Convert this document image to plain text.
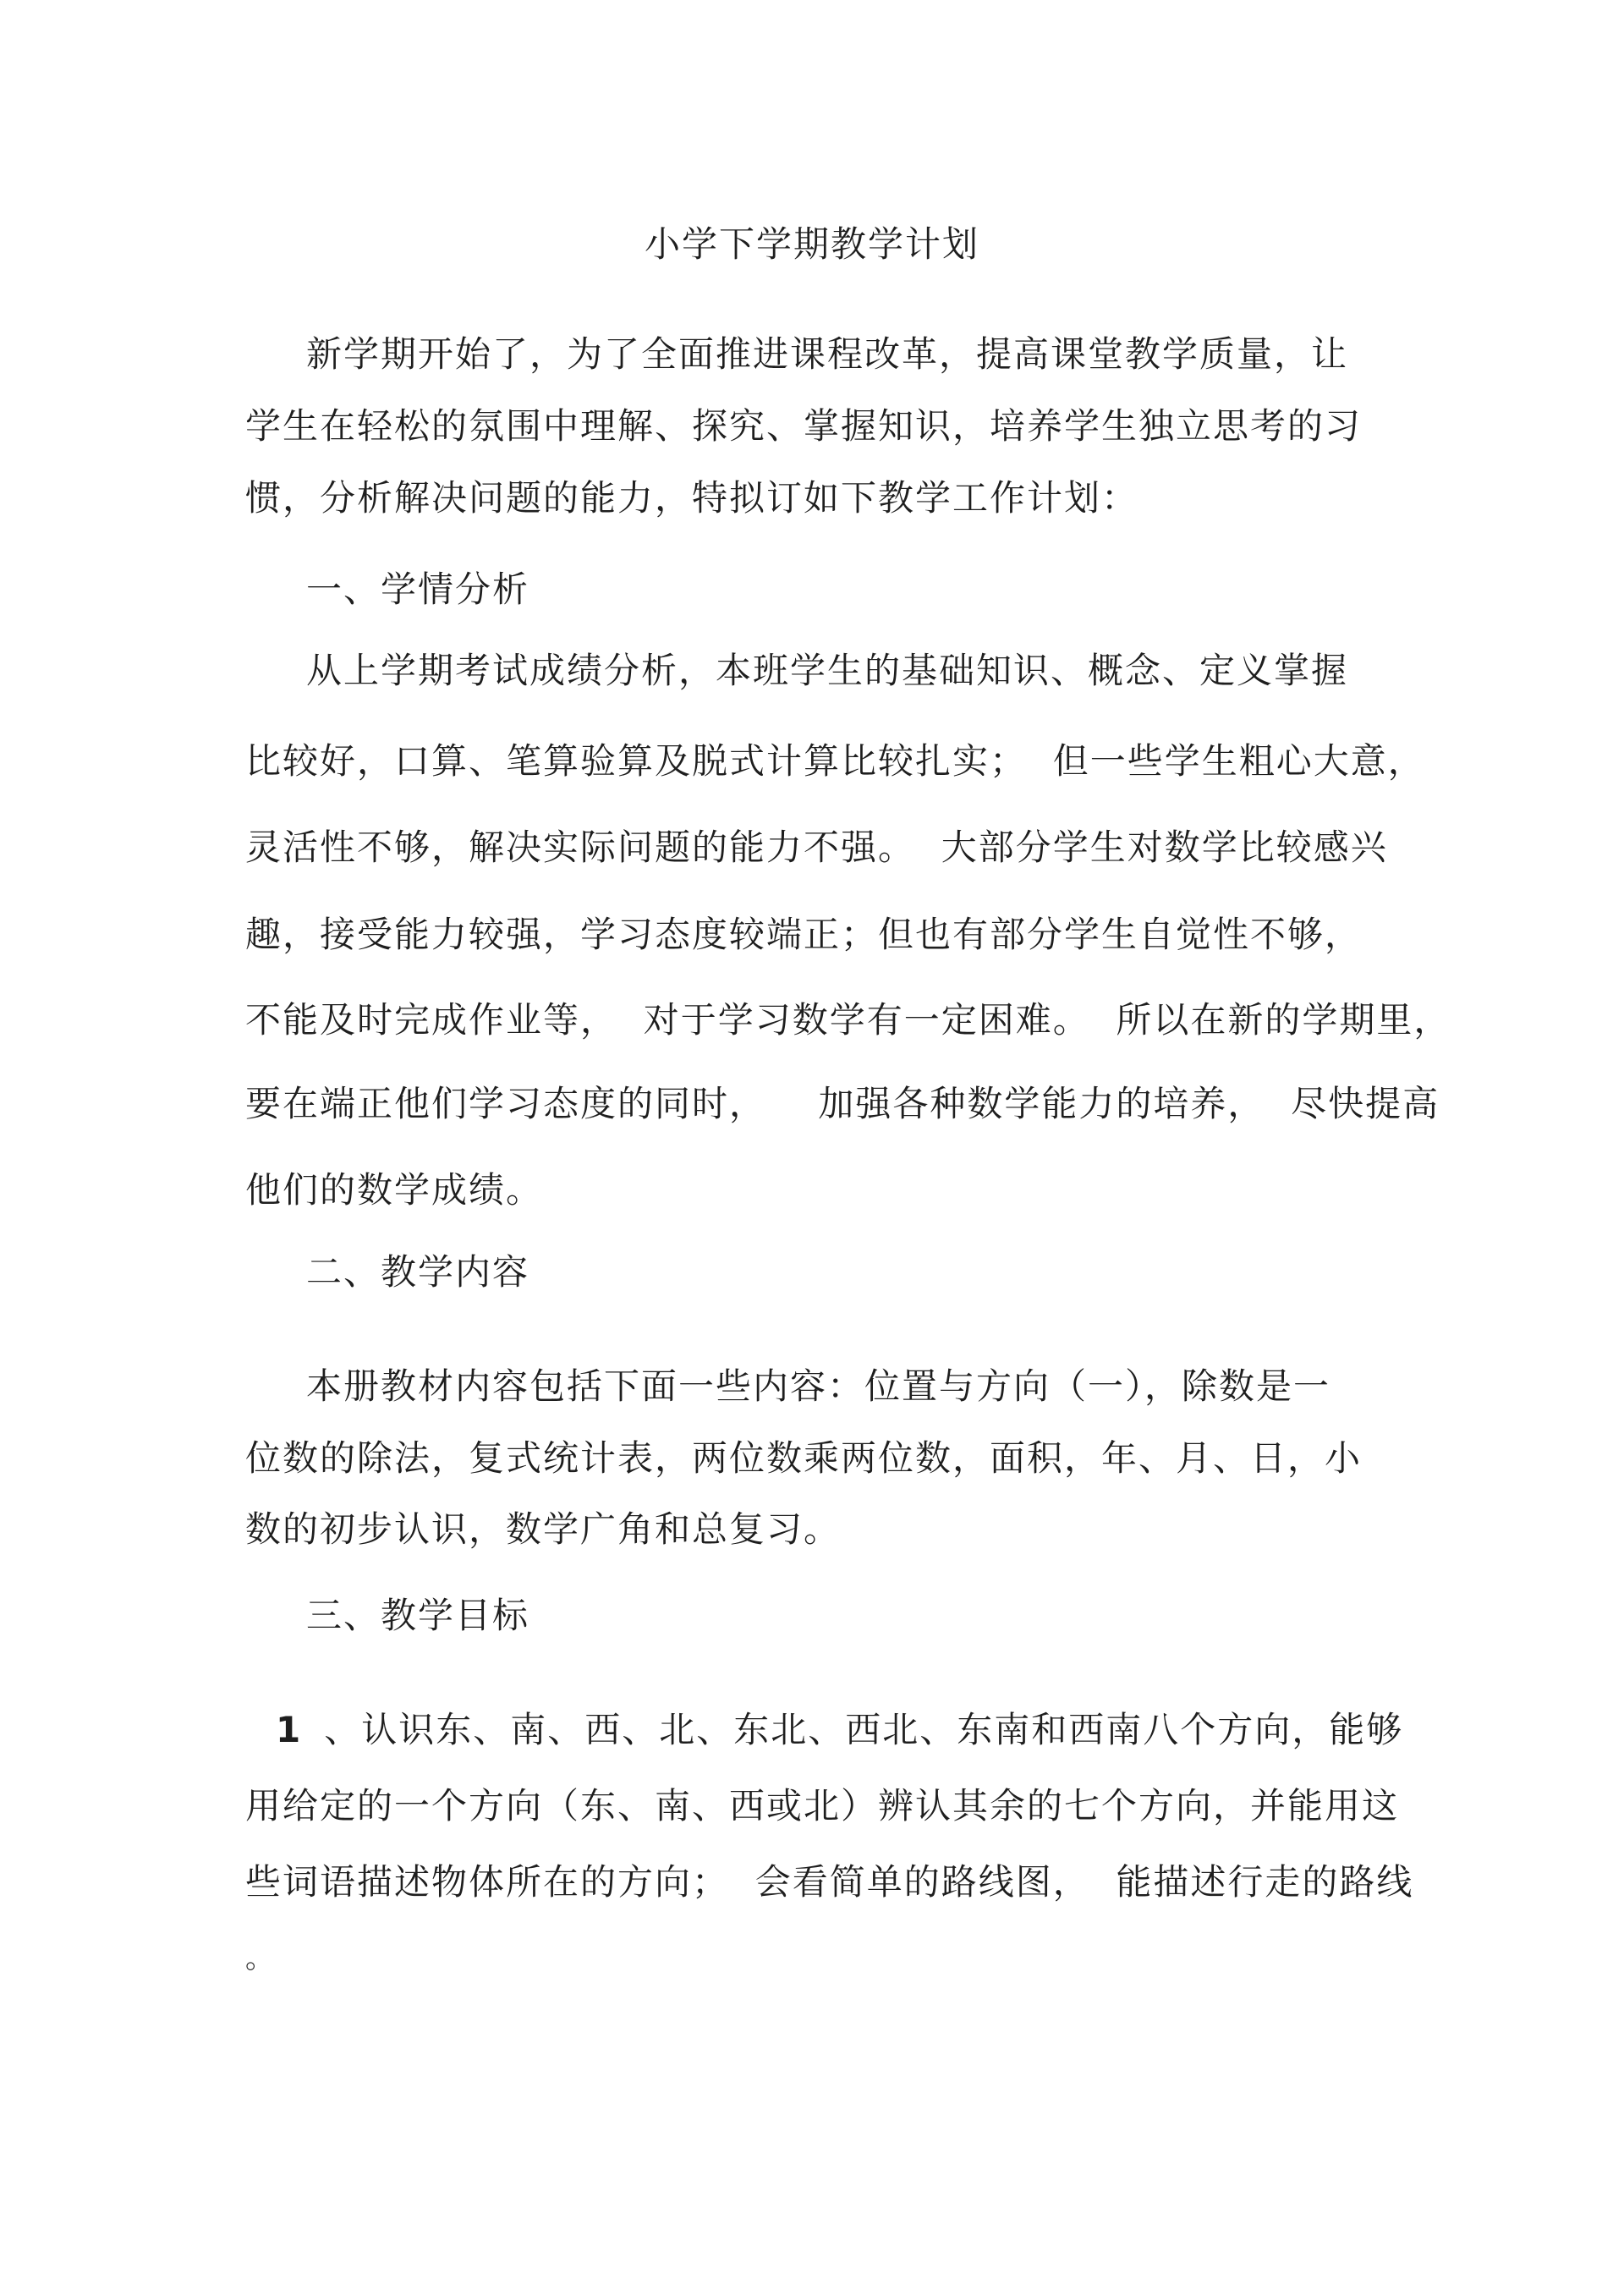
小学下学期教学计划
新学期开始了，为了全面推进课程改革，提高课堂教学质量，让
学生在轻松的氛围中理解、探究、掌握知识，培养学生独立思考的习
惯，分析解决问题的能力，特拟订如下教学工作计划：
一、学情分析
从上学期考试成绩分析，本班学生的基础知识、概念、定义掌握
比较好，口算、笔算验算及脱式计算比较扎实；  但一些学生粗心大意，
灵活性不够，解决实际问题的能力不强。  大部分学生对数学比较感兴
趣，接受能力较强，学习态度较端正；但也有部分学生自觉性不够，
不能及时完成作业等，  对于学习数学有一定困难。  所以在新的学期里，
要在端正他们学习态度的同时，    加强各种数学能力的培养，  尽快提高
他们的数学成绩。
二、教学内容
本册教材内容包括下面一些内容：位置与方向（一），除数是一
位数的除法，复式统计表，两位数乘两位数，面积，年、月、日，小
数的初步认识，数学广角和总复习。
三、教学目标
1 、认识东、南、西、北、东北、西北、东南和西南八个方向，能够
用给定的一个方向（东、南、西或北）辨认其余的七个方向，并能用这
些词语描述物体所在的方向；  会看简单的路线图，  能描述行走的路线
。
